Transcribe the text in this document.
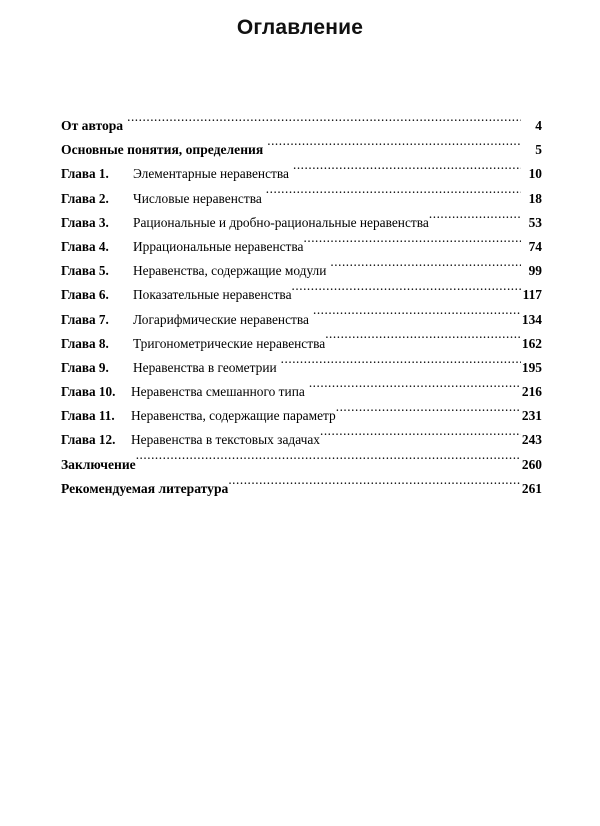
Оглавление
От автора .....	4
Основные понятия, определения .....	5
Глава 1.	Элементарные неравенства .....	10
Глава 2.	Числовые неравенства .....	18
Глава 3.	Рациональные и дробно-рациональные неравенства .....	53
Глава 4.	Иррациональные неравенства .....	74
Глава 5.	Неравенства, содержащие модули .....	99
Глава 6.	Показательные неравенства .....	117
Глава 7.	Логарифмические неравенства .....	134
Глава 8.	Тригонометрические неравенства .....	162
Глава 9.	Неравенства в геометрии .....	195
Глава 10.	Неравенства смешанного типа .....	216
Глава 11.	Неравенства, содержащие параметр .....	231
Глава 12.	Неравенства в текстовых задачах .....	243
Заключение .....	260
Рекомендуемая литература .....	261
